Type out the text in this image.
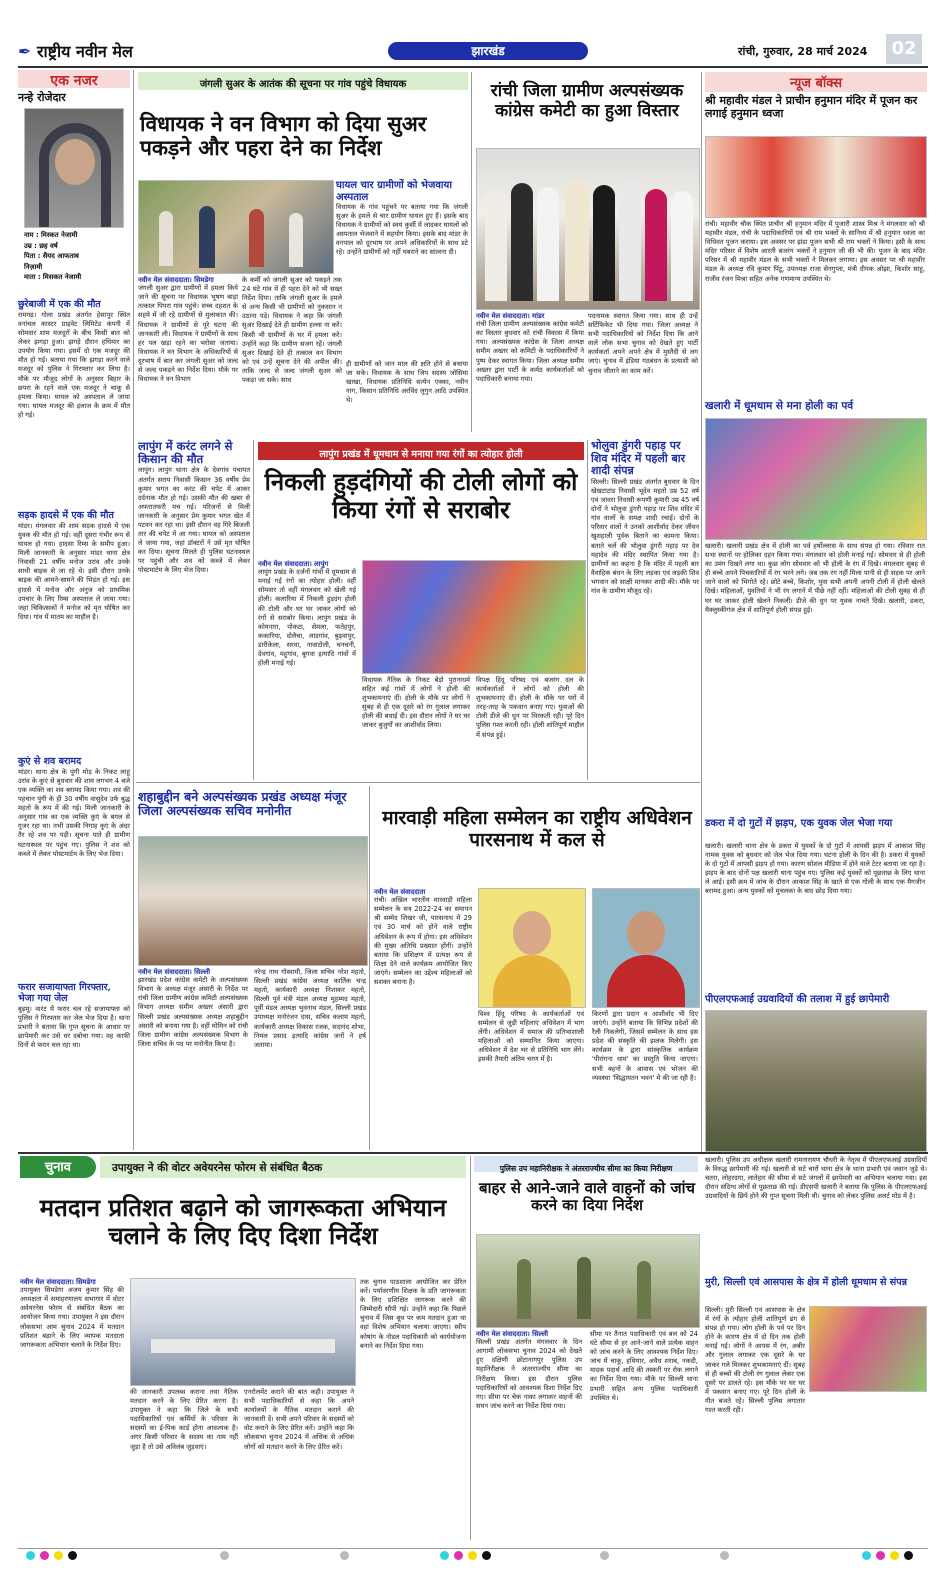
✒ राष्ट्रीय नवीन मेल	झारखंड	रांची, गुरुवार, 28 मार्च 2024	02
एक नजर

नन्हे रोजेदार

नाम : मिस्कत नेजामी
उम्र : छह वर्ष
पिता : सैयद आफताब
निज़ामी
माता : मिसकत नेजामी

छुरेबाजी में एक की मौत

रामगढ़। गोला प्रखंड अंतर्गत हेसापुर स्थित वनांचल कास्टर प्राइवेट लिमिटेड कंपनी में सोमवार शाम मजदूरों के बीच किसी बात को लेकर झगड़ा हुआ। झगड़े दौरान हथियार का उपयोग किया गया। इसमें दो एक मजदूर की मौत हो गई। बताया गया कि झगड़ा करने वाले मजदूर को पुलिस ने गिरफ्तार कर लिया है। मौके पर मौजूद लोगों के अनुसार बिहार के छपरा के रहने वाले एक मजदूर ने चाकू से हमला किया। घायल को अस्पताल ले जाया गया। घायल मजदूर की इलाज के क्रम में मौत हो गई।

सड़क हादसे में एक की मौत

मांडर। मंगलवार की शाम सड़क हादसे में एक युवक की मौत हो गई। वहीं दूसरा गंभीर रूप से घायल हो गया। हादसा रिम्स के समीप हुआ। मिली जानकारी के अनुसार मांडर थाना क्षेत्र निवासी 21 वर्षीय मनोज उरांव और उनके साथी बाइक से जा रहे थे। इसी दौरान उनके बाइक की आमने-सामने की भिड़ंत हो गई। इस हादसे में मनोज और अनुज को प्राथमिक उपचार के लिए रिम्स अस्पताल ले जाया गया। जहां चिकित्सकों ने मनोज को मृत घोषित कर दिया। गांव में मातम का माहौल है।

कुएं से शव बरामद

मांडर। थाना क्षेत्र के पुंगी मोड़ के निकट लाहू उरांव के कुएं से बुधवार की शाम लगभग 4 बजे एक व्यक्ति का शव बरामद किया गया। शव की पहचान पुंगी के ही 30 वर्षीय वासुदेव उर्फ बुद्ध महतो के रूप में की गई। मिली जानकारी के अनुसार गांव का एक व्यक्ति कुएं के बगल से गुजर रहा था। तभी उसकी निगाह कुएं के अंदर तैर रहे शव पर पड़ी। सूचना पाते ही ग्रामीण घटनास्थल पर पहुंच गए। पुलिस ने शव को कब्जे में लेकर पोस्टमार्टम के लिए भेज दिया।

फरार सजायाफ्ता गिरफ्तार, भेजा गया जेल

बुढ़मू। वारंट में फरार चल रहे सजायाफ्ता को पुलिस ने गिरफ्तार कर जेल भेज दिया है। थाना प्रभारी ने बताया कि गुप्त सूचना के आधार पर छापेमारी कर उसे धर दबोचा गया। वह काफी दिनों से फरार चल रहा था।

जंगली सुअर के आतंक की सूचना पर गांव पहुंचे विधायक
विधायक ने वन विभाग को दिया सुअर पकड़ने और पहरा देने का निर्देश

घायल चार ग्रामीणों को भेजवाया अस्पताल

विधायक के गांव पहुंचने पर बताया गया कि जंगली सुअर के हमले से चार ग्रामीण घायल हुए हैं। इसके बाद विधायक ने ग्रामीणों को स्वयं कुर्सी में लादकर घायलों को अस्पताल भेजवाने में सहयोग किया। इसके बाद मांडर के वनपाल को दूरभाष पर अपने अधिकारियों के साथ डटे रहे। उन्होंने ग्रामीणों को नहीं घबराने का सांत्वना दी।

नवीन मेल संवाददाता। सिमडेगा

जंगली सुअर द्वारा ग्रामीणों में हमला किये जाने की सूचना पर विधायक भूषण बाड़ा तत्काल पिपरा गांव पहुंचे। सच्च दहशत के सहमे में जी रहे ग्रामीणों से मुलाकात की। विधायक ने ग्रामीणों से पूरे घटना की जानकारी ली। विधायक ने ग्रामीणों के साथ हर पल खड़ा रहने का भरोसा जताया। विधायक ने वन विभाग के अधिकारियों से दूरभाष में बात कर जंगली सुअर को जल्द से जल्द पकड़ने का निर्देश दिया। मौके पर विधायक ने वन विभाग

के कर्मी को जंगली सुअर को पकड़ने तक 24 घंटे गांव में ही पहरा देने को भी सख्त निर्देश दिया। ताकि जंगली सुअर के हमले से अन्य किसी भी ग्रामीणों को नुकसान न उठाना पड़े। विधायक ने कहा कि जंगली सुअर दिखाई देते ही ग्रामीण हल्ला ना करें। किसी भी ग्रामीणों के घर में हमला करे। उन्होंने कहा कि ग्रामीण सजग रहें। जंगली सुअर दिखाई देते ही तत्काल वन विभाग को एवं उन्हें सूचना देने की अपील की। ताकि जल्द से जल्द जंगली सुअर को पकड़ा जा सके। साथ

ही ग्रामीणों को जान माल की क्षति होने से बचाया जा सके। विधायक के साथ जिप सदस्य जोसिमा खाखा, विधायक प्रतिनिधि सत्येन एक्का, नवीन नाग, किसान प्रतिनिधि अरविंद लुगुन आदि उपस्थित थे।

रांची जिला ग्रामीण अल्पसंख्यक कांग्रेस कमेटी का हुआ विस्तार

नवीन मेल संवाददाता। मांडर

रांची जिला ग्रामीण अल्पसंख्यक कांग्रेस कमेटी का विस्तार बुधवार को रांची विकास में किया गया। अल्पसंख्यक कांग्रेस के जिला अध्यक्ष समीम अख्तर को कमिटी के पदाधिकारियों ने पुष्प देकर स्वागत किया। जिला अध्यक्ष समीम अख्तर द्वारा पार्टी के कर्मठ कार्यकर्ताओं को पदाधिकारी बनाया गया।

पदनामक स्वागत किया गया। साथ ही उन्हें सर्टिफिकेट भी दिया गया। जिला अध्यक्ष ने सभी पदाधिकारियों को निर्देश दिया कि आने वाले लोक सभा चुनाव को देखते हुए पार्टी कार्यकर्ता अपने अपने क्षेत्र में मुस्तैदी से लग जाएं। चुनाव में इंडिया गठबंधन के प्रत्याशी को चुनाव जीताने का काम करें।

न्यूज बॉक्स

श्री महावीर मंडल ने प्राचीन हनुमान मंदिर में पूजन कर लगाई हनुमान ध्वजा

रांची। महावीर चौक स्थित प्राचीन श्री हनुमान मंदिर में पुजारी शास्त्र मिश्र ने मंगलवार को श्री महावीर मंडल, रांची के पदाधिकारियों एवं श्री राम भक्तों के सानिध्य में श्री हनुमान ध्वजा का विधिवत पूजन कराया। इस अवसर पर झंडा पूजन सभी श्री राम भक्तों ने किया। इसी के साथ मंदिर परिसर में विशेष आरती बजरंग भक्तों ने हनुमान जी की भी की। पूजन के बाद मंदिर परिसर में श्री महावीर मंडल के सभी भक्तों ने मिलकर लगाया। इस अवसर पर श्री महावीर मंडल के अध्यक्ष रवि कुमार पिंटू, उपाध्यक्ष राजा सेनगुप्ता, मंत्री दीपक ओझा, किशोर साहू, राजीव रंजन मिश्रा सहित अनेक गणमान्य उपस्थित थे।

खलारी में धूमधाम से मना होली का पर्व

खलारी। खलारी प्रखंड क्षेत्र में होली का पर्व हर्षोल्लास के साथ संपन्न हो गया। रविवार रात सभा स्थानों पर होलिका दहन किया गया। मंगलवार को होली मनाई गई। सोमवार से ही होली का उमंग दिखने लगा था। कुछ लोग सोमवार को भी होली के रंग में दिखे। मंगलवार सुबह से ही बच्चे अपने पिचकारियों में रंग भरने लगे। जब तक रंग नहीं मिला पानी से ही सड़क पर आने जाने वालों को भिगोते रहे। छोटे बच्चे, किशोर, युवा सभी अपनी अपनी टोली में होली खेलते दिखे। महिलाओं, युवतियों ने भी रंग लगाने में पीछे नहीं रहीं। महिलाओं की टोली सुबह से ही घर घर जाकर होली खेलने निकलीं। डीजे की धुन पर युवक नाचते दिखे। खलारी, डकरा, मैक्लुस्कीगंज क्षेत्र में शांतिपूर्ण होली संपन्न हुई।

डकरा में दो गुटों में झड़प, एक युवक जेल भेजा गया

खलारी। खलारी थाना क्षेत्र के डकरा में युवकों के दो गुटों में आपसी झड़प में आकाश सिंह नामक युवक को बुधवार को जेल भेज दिया गया। घटना होली के दिन की है। डकरा में युवकों के दो गुटों में आपसी झड़प हो गया। कारण सोशल मीडिया में होने वाले टेटर बताया जा रहा है। झड़प के बाद दोनों पक्ष खलारी थाना पहुंच गए। पुलिस कई युवकों को पूछताछ के लिए थाना ले आई। इसी क्रम में जांच के दौरान आकाश सिंह के खाते से एक गोली के साथ एक मैगजीन बरामद हुआ। अन्य युवकों को मुचलका के बाद छोड़ दिया गया।

पीएलएफआई उग्रवादियों की तलाश में हुई छापेमारी

लापुंग में करंट लगने से किसान की मौत

लापुंग। लापुंग थाना क्षेत्र के देवगांव पंचायत अंतर्गत सराय निवासी किसान 36 वर्षीय प्रेम कुमार भगत का करंट की चपेट में आकर दर्दनाक मौत हो गई। उसकी मौत की खबर से अफरातफरी मच गई। परिजनों से मिली जानकारी के अनुसार प्रेम कुमार भगत खेत में पटवन कर रहा था। इसी दौरान वह गिरे बिजली तार की चपेट में आ गया। घायल को अस्पताल ले जाया गया, जहां डॉक्टरों ने उसे मृत घोषित कर दिया। सूचना मिलते ही पुलिस घटनास्थल पर पहुंची और शव को कब्जे में लेकर पोस्टमार्टम के लिए भेज दिया।

लापुंग प्रखंड में धूमधाम से मनाया गया रंगों का त्योहार होली
निकली हुड़दंगियों की टोली लोगों को किया रंगों से सराबोर

नवीन मेल संवाददाता। लापुंग

लापुंग प्रखंड के दर्जनों गांवों में धूमधाम से मनाई गई रंगों का त्योहार होली। वहीं सोमवार तो वहीं मंगलवार को खेली गई होली। कलारिया में निकली हुड़दंग होली की टोली और घर घर जाकर लोगों को रंगों से सराबोर किया। लापुंग प्रखंड के कोयनारा, पोकटा, सेमला, फतेहपुर, ककारिया, दोलैचा, लाडगांव, बुढ़वापुर, डारीकेला, सरवा, नावाटोली, चनचनी, देवगांव, महुगांव, बुगवा इत्यादि गांवों में होली मनाई गई।

विधायक नैतिक के निकट बेड़ो पुरानाधर्म सहित कई गांवों में लोगों ने होली की शुभकामनाएं दीं। होली के मौके पर लोगों ने सुबह से ही एक दूसरे को रंग गुलाल लगाकर होली की बधाई दी। इस दौरान लोगों ने घर घर जाकर बुजुर्गों का आशीर्वाद लिया।

विपक्ष हिंदू परिषद एवं बजरंग दल के कार्यकर्ताओं ने लोगों को होली की शुभकामनाएं दी। होली के मौके पर घरों में तरह-तरह के पकवान बनाए गए। युवाओं की टोली डीजे की धुन पर थिरकती रही। पूरे दिन पुलिस गश्त करती रही। होली शांतिपूर्ण माहौल में संपन्न हुई।

भोलुवा डुंगरी पहाड़ पर शिव मंदिर में पहली बार शादी संपन्न

सिल्ली। सिल्ली प्रखंड अंतर्गत बुधवार के दिन खेखटाटांड निवासी भूदेव महतो उम्र 52 वर्ष एवं जावरा निवासी रूपणी कुमारी उम्र 45 वर्ष दोनों ने भोलुवा डुंगरी पहाड़ पर शिव मंदिर में गांव वालों के समक्ष शादी रचाई। दोनों के परिवार वालों ने उनको आशीर्वाद देकर जीवन खुशहाली पूर्वक बिताने का कामना किया। बताते चलें की भोलुवा डुंगरी पहाड़ पर देव महादेव की मंदिर स्थापित किया गया है। ग्रामीणों का कहना है कि मंदिर में पहली बार वैवाहिक बंधन के लिए लड़का एवं लड़की शिव भगवान को साक्षी मानकर शादी की। मौके पर गांव के ग्रामीण मौजूद रहे।

शहाबुद्दीन बने अल्पसंख्यक प्रखंड अध्यक्ष मंजूर जिला अल्पसंख्यक सचिव मनोनीत

नवीन मेल संवाददाता। सिल्ली

झारखंड प्रदेश कांग्रेस कमेटी के अल्पसंख्यक विभाग के अध्यक्ष मंजूर अंसारी के निर्देश पर रांची जिला ग्रामीण कांग्रेस कमिटी अल्पसंख्यक विभाग अध्यक्ष समीम अख्तर अंसारी द्वारा सिल्ली प्रखंड अल्पसंख्यक अध्यक्ष शहाबुद्दीन अंसारी को बनाया गया है। वहीं मोमिन को रांची जिला ग्रामीण कांग्रेस अल्पसंख्यक विभाग के जिला सचिव के पद पर मनोनीत किया है।

नरेन्द्र नाथ गोस्वामी, जिला सचिव नरेश महतो, सिल्ली प्रखंड कांग्रेस अध्यक्ष कार्तिक चन्द्र महतो, कार्यकारी अध्यक्ष निशाकर महतो, सिल्ली पूर्व मंत्री मंडल अध्यक्ष मुहम्मद महतो, पूर्वी मंडल अध्यक्ष भुवनाथ मंडल, सिल्ली प्रखंड उपाध्यक्ष मनोरंजन दास, सचिव कलाम महतो, कार्यकारी अध्यक्ष विकास रजक, सदानंद शोभा, निमल प्रसाद इत्यादि कांग्रेस जनों ने हर्ष जताया।

मारवाड़ी महिला सम्मेलन का राष्ट्रीय अधिवेशन पारसनाथ में कल से

नवीन मेल संवाददाता

रांची। अखिल भारतीय मारवाड़ी महिला सम्मेलन के सत्र 2022-24 का समापन श्री सम्मेद शिखर जी, पारसनाथ में 29 एवं 30 मार्च को होने वाले राष्ट्रीय अधिवेशन के रूप में होगा। इस अधिवेशन की मुख्य अतिथि प्रख्यात होंगी। उन्होंने बताया कि प्रशिक्षण में प्रत्यक्ष रूप से शिक्षा देने वाले कार्यक्रम आयोजित किए जाएंगे। सम्मेलन का उद्देश्य महिलाओं को सशक्त बनाना है।

विश्व हिंदू परिषद के कार्यकर्ताओं एवं सम्मेलन से जुड़ी महिलाएं अधिवेशन में भाग लेंगी। अधिवेशन में समाज की प्रतिभाशाली महिलाओं को सम्मानित किया जाएगा। अधिवेशन में देश भर से प्रतिनिधि भाग लेंगे। इसकी तैयारी अंतिम चरण में है।

किरणों द्वारा प्रदान व आशीर्वाद भी दिए जाएंगे। उन्होंने बताया कि विभिन्न प्रदेशों की रैली निकलेगी, जिसमें सम्मेलन के साथ इस प्रदेश की संस्कृति की झलक मिलेगी। इस कार्यक्रम के द्वारा सांस्कृतिक कार्यक्रम 'पीरांगना धाम' का प्रस्तुति किया जाएगा। सभी बहनों के आवास एवं भोजन की व्यवस्था 'सिद्धायतन भवन' में की जा रही है।

चुनाव	उपायुक्त ने की वोटर अवेयरनेस फोरम से संबंधित बैठक
मतदान प्रतिशत बढ़ाने को जागरूकता अभियान चलाने के लिए दिए दिशा निर्देश

नवीन मेल संवाददाता। सिमडेगा

उपायुक्त सिमडेगा अजय कुमार सिंह की अध्यक्षता में समाहरणालय सभागार में वोटर अवेयरनेस फोरम से संबंधित बैठक का आयोजन किया गया। उपायुक्त ने इस दौरान लोकसभा आम चुनाव 2024 में मतदान प्रतिशत बढ़ाने के लिए व्यापक मतदाता जागरूकता अभियान चलाने के निर्देश दिए।

की जानकारी उपलब्ध कराना तथा नैतिक मतदान करने के लिए प्रेरित करना है। उपायुक्त ने कहा कि जिले के सभी पदाधिकारियों एवं कर्मियों के परिवार के सदस्यों का ई-पिक कार्ड होना आवश्यक है। अगर किसी परिवार के सदस्य का नाम नहीं जुड़ा है तो उसे अविलंब जुड़वाएं।

एनरोलमेंट कराने की बात कही। उपायुक्त ने सभी पदाधिकारियों से कहा कि अपने कार्यालयों के नैतिक मतदान कराने की जानकारी दें। सभी अपने परिवार के सदस्यों को वोट कराने के लिए प्रेरित करें। उन्होंने कहा कि लोकसभा चुनाव 2024 में अधिक से अधिक लोगों को मतदान करने के लिए प्रेरित करें।

तक चुनाव पाठशाला आयोजित कर प्रेरित करें। पर्यावरणीय शिक्षक के प्रति जागरूकता के लिए प्रशिक्षित जागरूक करने की जिम्मेदारी सौंपी गई। उन्होंने कहा कि पिछले चुनाव में जिस बूथ पर कम मतदान हुआ था वहां विशेष अभियान चलाया जाएगा। स्वीप कोषांग के नोडल पदाधिकारी को कार्ययोजना बनाने का निर्देश दिया गया।

पुलिस उप महानिरीक्षक ने अंतरराज्यीय सीमा का किया निरीक्षण
बाहर से आने-जाने वाले वाहनों को जांच करने का दिया निर्देश

नवीन मेल संवाददाता। सिल्ली

सिल्ली प्रखंड अंतर्गत मंगलवार के दिन आगामी लोकसभा चुनाव 2024 को देखते हुए दक्षिणी छोटानागपुर पुलिस उप महानिरीक्षक ने अंतरराज्यीय सीमा का निरीक्षण किया। इस दौरान पुलिस पदाधिकारियों को आवश्यक दिशा निर्देश दिए गए। सीमा पर चेक नाका लगाकर वाहनों की सघन जांच करने का निर्देश दिया गया।

सीमा पर तैनात पदाधिकारी एवं बल को 24 घंटे सीमा से हर आने-जाने वाले प्रत्येक वाहन को जांच करने के लिए आवश्यक निर्देश दिए। जांच में चाकू, हथियार, अवैध शराब, नकदी, मादक पदार्थ आदि की तस्करी पर रोक लगाने का निर्देश दिया गया। मौके पर सिल्ली थाना प्रभारी सहित अन्य पुलिस पदाधिकारी उपस्थित थे।

खलारी। पुलिस उप अधीक्षक खलारी रामनारायण चौधरी के नेतृत्व में पीएलएफआई उग्रवादियों के विरुद्ध छापेमारी की गई। खलारी से सटे चारों थाना क्षेत्र के थाना प्रभारी एवं जवान जुड़े थे। चतरा, लोहरदगा, लातेहार की सीमा से सटे जंगलों में छापेमारी का अभियान चलाया गया। इस दौरान संदिग्ध लोगों से पूछताछ की गई। डीएसपी खलारी ने बताया कि पुलिस के पीएलएफआई उग्रवादियों के छिपे होने की गुप्त सूचना मिली थी। चुनाव को लेकर पुलिस अलर्ट मोड में है।

मुरी, सिल्ली एवं आसपास के क्षेत्र में होली धूमधाम से संपन्न

सिल्ली। मुरी सिल्ली एवं आसपास के क्षेत्र में रंगों के त्योहार होली शांतिपूर्ण ढंग से संपन्न हो गया। लोग होली के पर्व पर दिन होने के कारण क्षेत्र में दो दिन तक होली मनाई गई। लोगों ने आपस में रंग, अबीर और गुलाल लगाकर एक दूसरे के घर जाकर गले मिलकर शुभकामनाएं दीं। सुबह से ही बच्चों की टोली रंग गुलाल लेकर एक दूसरे पर डालते रहे। इस मौके पर घर घर में पकवान बनाए गए। पूरे दिन होली के गीत बजते रहे। सिल्ली पुलिस लगातार गश्त करती रही।
